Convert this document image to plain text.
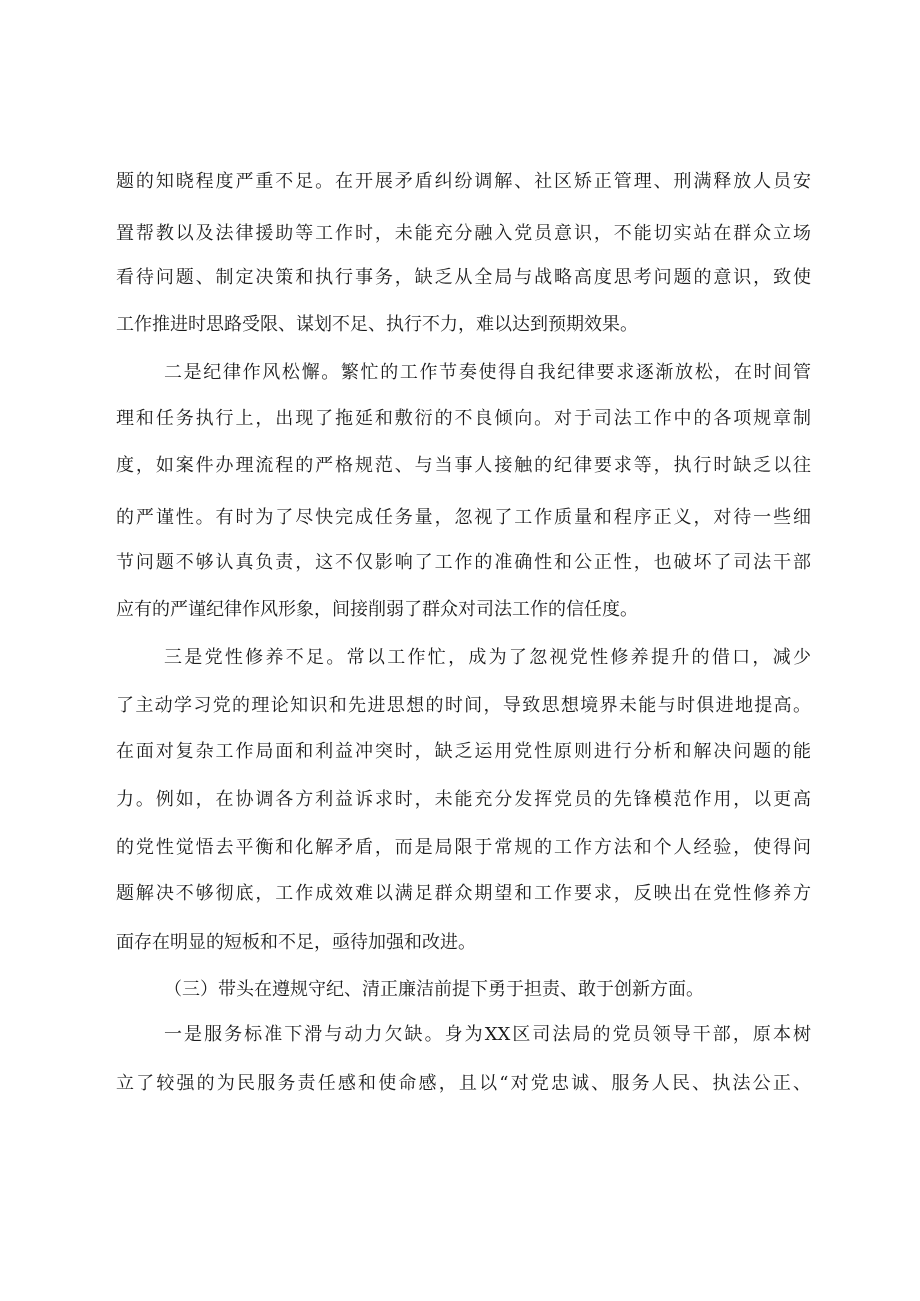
题的知晓程度严重不足。在开展矛盾纠纷调解、社区矫正管理、刑满释放人员安
置帮教以及法律援助等工作时，未能充分融入党员意识，不能切实站在群众立场
看待问题、制定决策和执行事务，缺乏从全局与战略高度思考问题的意识，致使
工作推进时思路受限、谋划不足、执行不力，难以达到预期效果。
二是纪律作风松懈。繁忙的工作节奏使得自我纪律要求逐渐放松，在时间管
理和任务执行上，出现了拖延和敷衍的不良倾向。对于司法工作中的各项规章制
度，如案件办理流程的严格规范、与当事人接触的纪律要求等，执行时缺乏以往
的严谨性。有时为了尽快完成任务量，忽视了工作质量和程序正义，对待一些细
节问题不够认真负责，这不仅影响了工作的准确性和公正性，也破坏了司法干部
应有的严谨纪律作风形象，间接削弱了群众对司法工作的信任度。
三是党性修养不足。常以工作忙，成为了忽视党性修养提升的借口，减少
了主动学习党的理论知识和先进思想的时间，导致思想境界未能与时俱进地提高。
在面对复杂工作局面和利益冲突时，缺乏运用党性原则进行分析和解决问题的能
力。例如，在协调各方利益诉求时，未能充分发挥党员的先锋模范作用，以更高
的党性觉悟去平衡和化解矛盾，而是局限于常规的工作方法和个人经验，使得问
题解决不够彻底，工作成效难以满足群众期望和工作要求，反映出在党性修养方
面存在明显的短板和不足，亟待加强和改进。
（三）带头在遵规守纪、清正廉洁前提下勇于担责、敢于创新方面。
一是服务标准下滑与动力欠缺。身为XX区司法局的党员领导干部，原本树
立了较强的为民服务责任感和使命感，且以“对党忠诚、服务人民、执法公正、
